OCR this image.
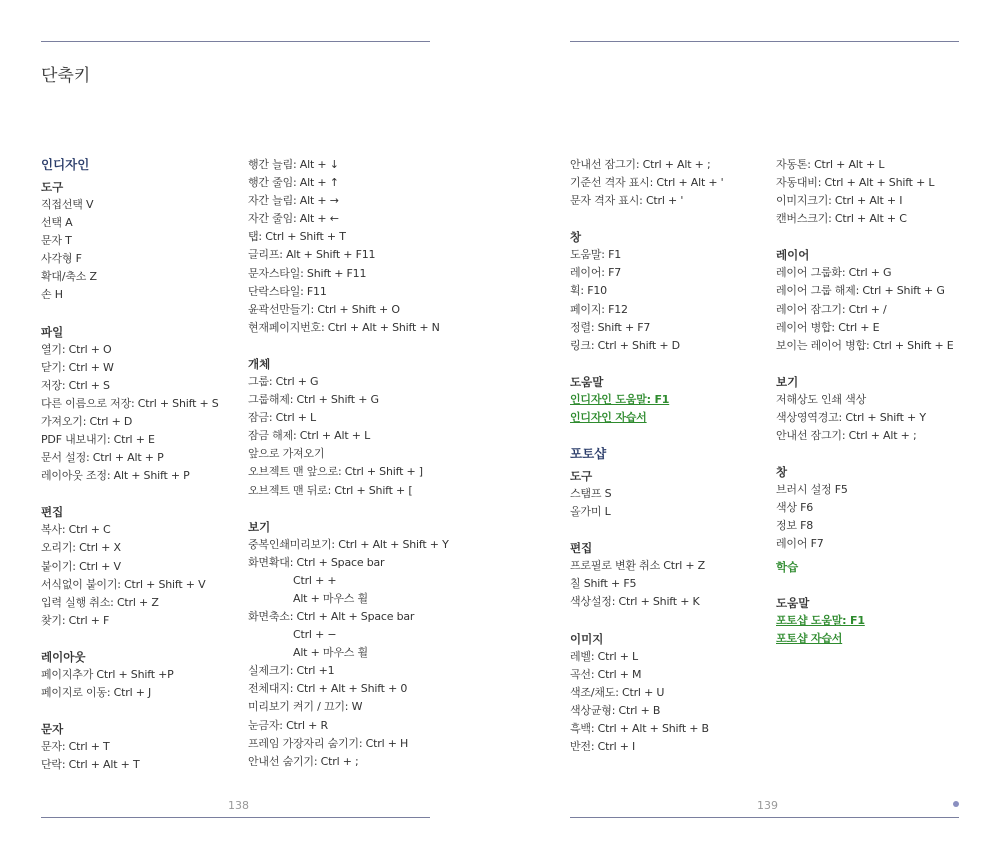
단축키
인디자인
도구
직접선택 V
선택 A
문자 T
사각형 F
확대/축소 Z
손 H
파일
열기: Ctrl + O
닫기: Ctrl + W
저장: Ctrl + S
다른 이름으로 저장: Ctrl + Shift + S
가져오기: Ctrl + D
PDF 내보내기: Ctrl + E
문서 설정: Ctrl + Alt + P
레이아웃 조정: Alt + Shift + P
편집
복사: Ctrl + C
오리기: Ctrl + X
붙이기: Ctrl + V
서식없이 붙이기: Ctrl + Shift + V
입력 실행 취소: Ctrl + Z
찾기: Ctrl + F
레이아웃
페이지추가 Ctrl + Shift +P
페이지로 이동: Ctrl + J
문자
문자: Ctrl + T
단락: Ctrl + Alt + T
행간 늘림: Alt + ↓
행간 줄임: Alt + ↑
자간 늘림: Alt + →
자간 줄임: Alt + ←
탭: Ctrl + Shift + T
글리프: Alt + Shift + F11
문자스타일: Shift + F11
단락스타일: F11
윤곽선만들기: Ctrl + Shift + O
현재페이지번호: Ctrl + Alt + Shift + N
개체
그룹: Ctrl + G
그룹해제: Ctrl + Shift + G
잠금: Ctrl + L
잠금 해제: Ctrl + Alt + L
앞으로 가져오기
오브젝트 맨 앞으로: Ctrl + Shift + ]
오브젝트 맨 뒤로: Ctrl + Shift + [
보기
중복인쇄미리보기: Ctrl + Alt + Shift + Y
화면확대: Ctrl + Space bar
Ctrl + +
Alt + 마우스 휠
화면축소: Ctrl + Alt + Space bar
Ctrl + −
Alt + 마우스 휠
실제크기: Ctrl +1
전체대지: Ctrl + Alt + Shift + 0
미리보기 켜기 / 끄기: W
눈금자: Ctrl + R
프레임 가장자리 숨기기: Ctrl + H
안내선 숨기기: Ctrl + ;
안내선 잠그기: Ctrl + Alt + ;
기준선 격자 표시: Ctrl + Alt + '
문자 격자 표시: Ctrl + '
창
도움말: F1
레이어: F7
획: F10
페이지: F12
정렬: Shift + F7
링크: Ctrl + Shift + D
도움말
인디자인 도움말: F1
인디자인 자습서
포토샵
도구
스탬프 S
올가미 L
편집
프로필로 변환 취소 Ctrl + Z
칠 Shift + F5
색상설정: Ctrl + Shift + K
이미지
레벨: Ctrl + L
곡선: Ctrl + M
색조/채도: Ctrl + U
색상균형: Ctrl + B
흑백: Ctrl + Alt + Shift + B
반전: Ctrl + I
자동톤: Ctrl + Alt + L
자동대비: Ctrl + Alt + Shift + L
이미지크기: Ctrl + Alt + I
캔버스크기: Ctrl + Alt + C
레이어
레이어 그룹화: Ctrl + G
레이어 그룹 해제: Ctrl + Shift + G
레이어 잠그기: Ctrl + /
레이어 병합: Ctrl + E
보이는 레이어 병합: Ctrl + Shift + E
보기
저해상도 인쇄 색상
색상영역경고: Ctrl + Shift + Y
안내선 잠그기: Ctrl + Alt + ;
창
브러시 설정 F5
색상 F6
정보 F8
레이어 F7
학습
도움말
포토샵 도움말: F1
포토샵 자습서
138	139
